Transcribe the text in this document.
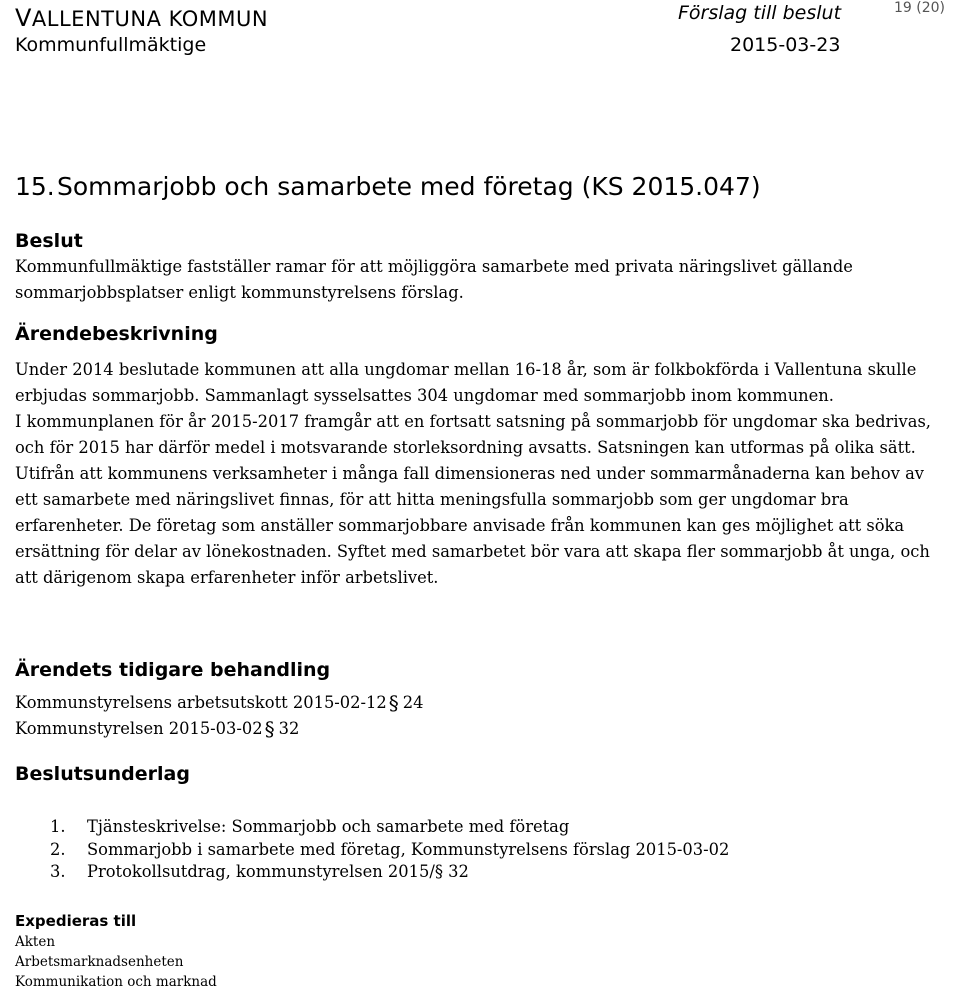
VALLENTUNA KOMMUN
Kommunfullmäktige
Förslag till beslut
2015-03-23
19 (20)
15.Sommarjobb och samarbete med företag (KS 2015.047)
Beslut

Kommunfullmäktige fastställer ramar för att möjliggöra samarbete med privata näringslivet gällande sommarjobbsplatser enligt kommunstyrelsens förslag.

Ärendebeskrivning

Under 2014 beslutade kommunen att alla ungdomar mellan 16-18 år, som är folkbokförda i Vallentuna skulle erbjudas sommarjobb. Sammanlagt sysselsattes 304 ungdomar med sommarjobb inom kommunen.

I kommunplanen för år 2015-2017 framgår att en fortsatt satsning på sommarjobb för ungdomar ska bedrivas, och för 2015 har därför medel i motsvarande storleksordning avsatts. Satsningen kan utformas på olika sätt.

Utifrån att kommunens verksamheter i många fall dimensioneras ned under sommarmånaderna kan behov av ett samarbete med näringslivet finnas, för att hitta meningsfulla sommarjobb som ger ungdomar bra erfarenheter. De företag som anställer sommarjobbare anvisade från kommunen kan ges möjlighet att söka ersättning för delar av lönekostnaden. Syftet med samarbetet bör vara att skapa fler sommarjobb åt unga, och att därigenom skapa erfarenheter inför arbetslivet.

Ärendets tidigare behandling
Kommunstyrelsens arbetsutskott 2015-02-12 § 24
Kommunstyrelsen 2015-03-02 § 32
Beslutsunderlag
1. Tjänsteskrivelse: Sommarjobb och samarbete med företag
2. Sommarjobb i samarbete med företag, Kommunstyrelsens förslag 2015-03-02
3. Protokollsutdrag, kommunstyrelsen 2015/§ 32
Expedieras till
Akten
Arbetsmarknadsenheten
Kommunikation och marknad
